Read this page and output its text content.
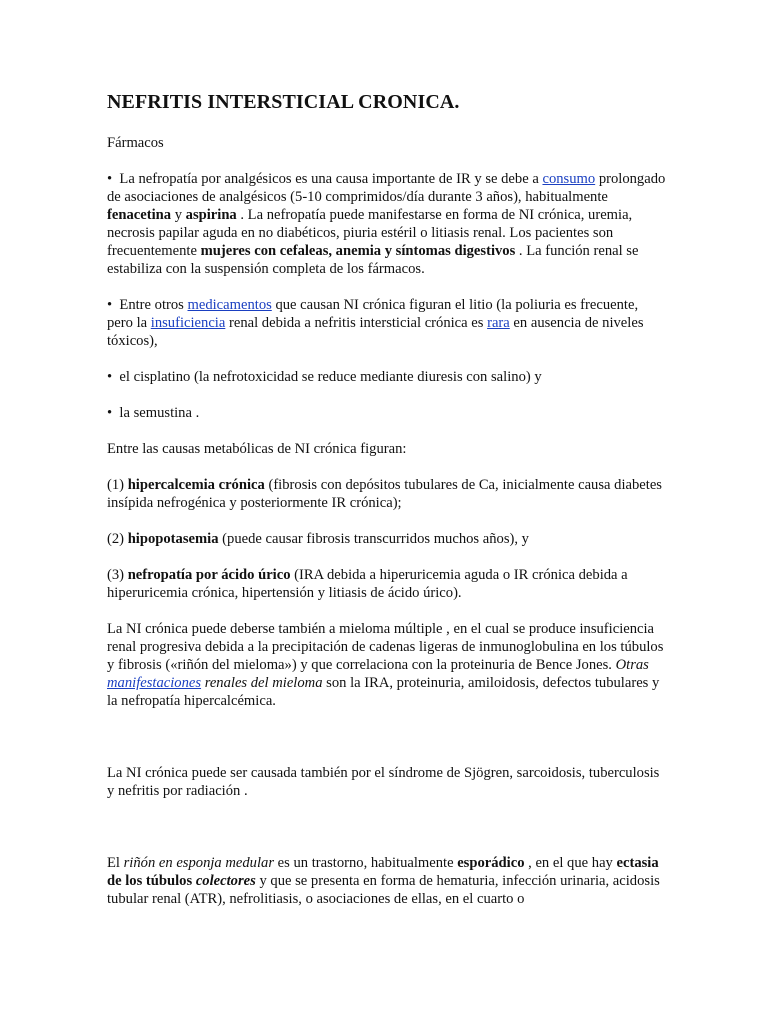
NEFRITIS INTERSTICIAL CRONICA.

Fármacos

• La nefropatía por analgésicos es una causa importante de IR y se debe a consumo prolongado de asociaciones de analgésicos (5-10 comprimidos/día durante 3 años), habitualmente fenacetina y aspirina . La nefropatía puede manifestarse en forma de NI crónica, uremia, necrosis papilar aguda en no diabéticos, piuria estéril o litiasis renal. Los pacientes son frecuentemente mujeres con cefaleas, anemia y síntomas digestivos . La función renal se estabiliza con la suspensión completa de los fármacos.

• Entre otros medicamentos que causan NI crónica figuran el litio (la poliuria es frecuente, pero la insuficiencia renal debida a nefritis intersticial crónica es rara en ausencia de niveles tóxicos),

• el cisplatino (la nefrotoxicidad se reduce mediante diuresis con salino) y

• la semustina .

Entre las causas metabólicas de NI crónica figuran:

(1) hipercalcemia crónica (fibrosis con depósitos tubulares de Ca, inicialmente causa diabetes insípida nefrogénica y posteriormente IR crónica);

(2) hipopotasemia (puede causar fibrosis transcurridos muchos años), y

(3) nefropatía por ácido úrico (IRA debida a hiperuricemia aguda o IR crónica debida a hiperuricemia crónica, hipertensión y litiasis de ácido úrico).

La NI crónica puede deberse también a mieloma múltiple , en el cual se produce insuficiencia renal progresiva debida a la precipitación de cadenas ligeras de inmunoglobulina en los túbulos y fibrosis («riñón del mieloma») y que correlaciona con la proteinuria de Bence Jones. Otras manifestaciones renales del mieloma son la IRA, proteinuria, amiloidosis, defectos tubulares y la nefropatía hipercalcémica.

La NI crónica puede ser causada también por el síndrome de Sjögren, sarcoidosis, tuberculosis y nefritis por radiación .

El riñón en esponja medular es un trastorno, habitualmente esporádico , en el que hay ectasia de los túbulos colectores y que se presenta en forma de hematuria, infección urinaria, acidosis tubular renal (ATR), nefrolitiasis, o asociaciones de ellas, en el cuarto o
